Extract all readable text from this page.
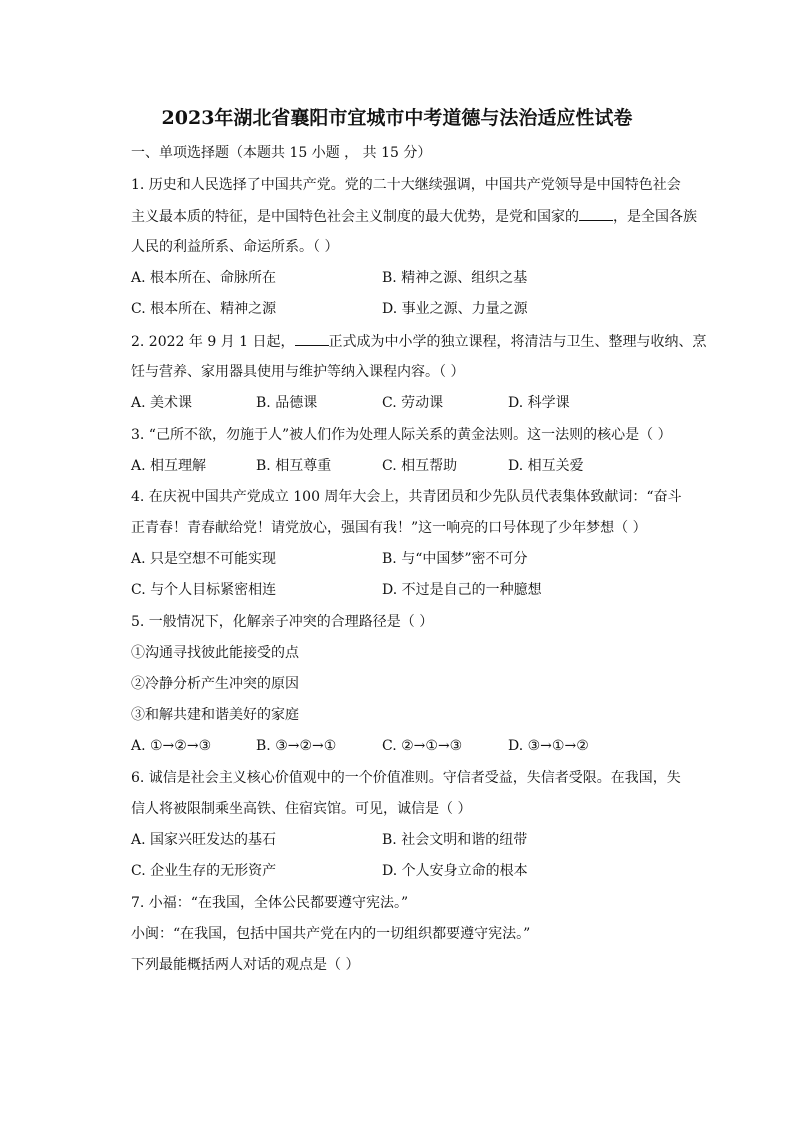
2023年湖北省襄阳市宜城市中考道德与法治适应性试卷
一、单项选择题（本题共 15 小题 ， 共 15 分）
1. 历史和人民选择了中国共产党。党的二十大继续强调，中国共产党领导是中国特色社会
主义最本质的特征，是中国特色社会主义制度的最大优势，是党和国家的 ，是全国各族
人民的利益所系、命运所系。（ ）
A. 根本所在、命脉所在	B. 精神之源、组织之基
C. 根本所在、精神之源	D. 事业之源、力量之源
2. 2022 年 9 月 1 日起， 正式成为中小学的独立课程，将清洁与卫生、整理与收纳、烹
饪与营养、家用器具使用与维护等纳入课程内容。（ ）
A. 美术课	B. 品德课	C. 劳动课	D. 科学课
3. “己所不欲，勿施于人”被人们作为处理人际关系的黄金法则。这一法则的核心是（ ）
A. 相互理解	B. 相互尊重	C. 相互帮助	D. 相互关爱
4. 在庆祝中国共产党成立 100 周年大会上，共青团员和少先队员代表集体致献词：“奋斗
正青春！青春献给党！请党放心，强国有我！”这一响亮的口号体现了少年梦想（ ）
A. 只是空想不可能实现	B. 与“中国梦”密不可分
C. 与个人目标紧密相连	D. 不过是自己的一种臆想
5. 一般情况下，化解亲子冲突的合理路径是（ ）
①沟通寻找彼此能接受的点
②冷静分析产生冲突的原因
③和解共建和谐美好的家庭
A. ①→②→③	B. ③→②→①	C. ②→①→③	D. ③→①→②
6. 诚信是社会主义核心价值观中的一个价值准则。守信者受益，失信者受限。在我国，失
信人将被限制乘坐高铁、住宿宾馆。可见，诚信是（ ）
A. 国家兴旺发达的基石	B. 社会文明和谐的纽带
C. 企业生存的无形资产	D. 个人安身立命的根本
7. 小福：“在我国，全体公民都要遵守宪法。”
小闽：“在我国，包括中国共产党在内的一切组织都要遵守宪法。”
下列最能概括两人对话的观点是（ ）
